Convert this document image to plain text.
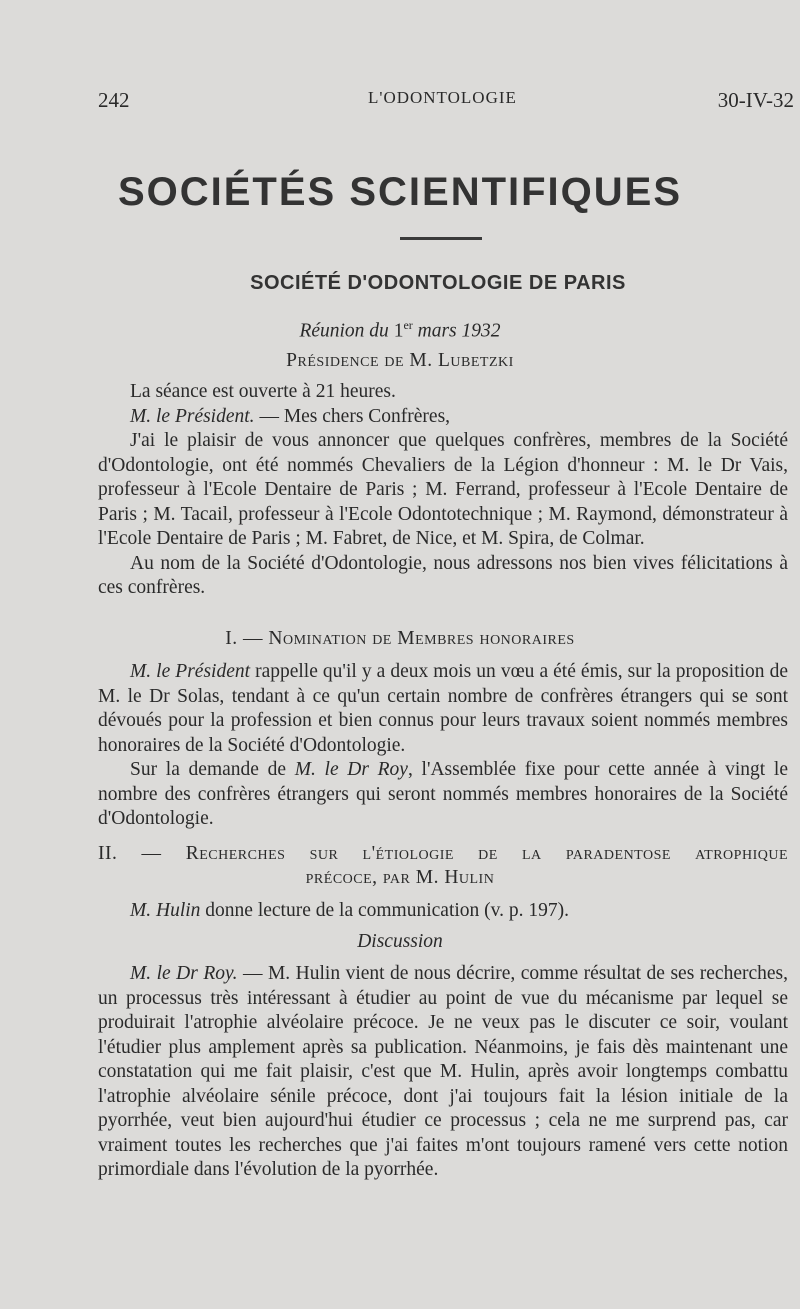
242	L'ODONTOLOGIE	30-IV-32
SOCIÉTÉS SCIENTIFIQUES
SOCIÉTÉ D'ODONTOLOGIE DE PARIS
Réunion du 1er mars 1932
Présidence de M. Lubetzki

La séance est ouverte à 21 heures.

M. le Président. — Mes chers Confrères,

J'ai le plaisir de vous annoncer que quelques confrères, membres de la Société d'Odontologie, ont été nommés Chevaliers de la Légion d'honneur : M. le Dr Vais, professeur à l'Ecole Dentaire de Paris ; M. Ferrand, professeur à l'Ecole Dentaire de Paris ; M. Tacail, professeur à l'Ecole Odontotechnique ; M. Raymond, démonstrateur à l'Ecole Dentaire de Paris ; M. Fabret, de Nice, et M. Spira, de Colmar.

Au nom de la Société d'Odontologie, nous adressons nos bien vives félicitations à ces confrères.

I. — Nomination de Membres honoraires

M. le Président rappelle qu'il y a deux mois un vœu a été émis, sur la proposition de M. le Dr Solas, tendant à ce qu'un certain nombre de confrères étrangers qui se sont dévoués pour la profession et bien connus pour leurs travaux soient nommés membres honoraires de la Société d'Odontologie.

Sur la demande de M. le Dr Roy, l'Assemblée fixe pour cette année à vingt le nombre des confrères étrangers qui seront nommés membres honoraires de la Société d'Odontologie.

II. — Recherches sur l'étiologie de la paradentose atrophique
précoce, par M. Hulin

M. Hulin donne lecture de la communication (v. p. 197).

Discussion

M. le Dr Roy. — M. Hulin vient de nous décrire, comme résultat de ses recherches, un processus très intéressant à étudier au point de vue du mécanisme par lequel se produirait l'atrophie alvéolaire précoce. Je ne veux pas le discuter ce soir, voulant l'étudier plus amplement après sa publication. Néanmoins, je fais dès maintenant une constatation qui me fait plaisir, c'est que M. Hulin, après avoir longtemps combattu l'atrophie alvéolaire sénile précoce, dont j'ai toujours fait la lésion initiale de la pyorrhée, veut bien aujourd'hui étudier ce processus ; cela ne me surprend pas, car vraiment toutes les recherches que j'ai faites m'ont toujours ramené vers cette notion primordiale dans l'évolution de la pyorrhée.
